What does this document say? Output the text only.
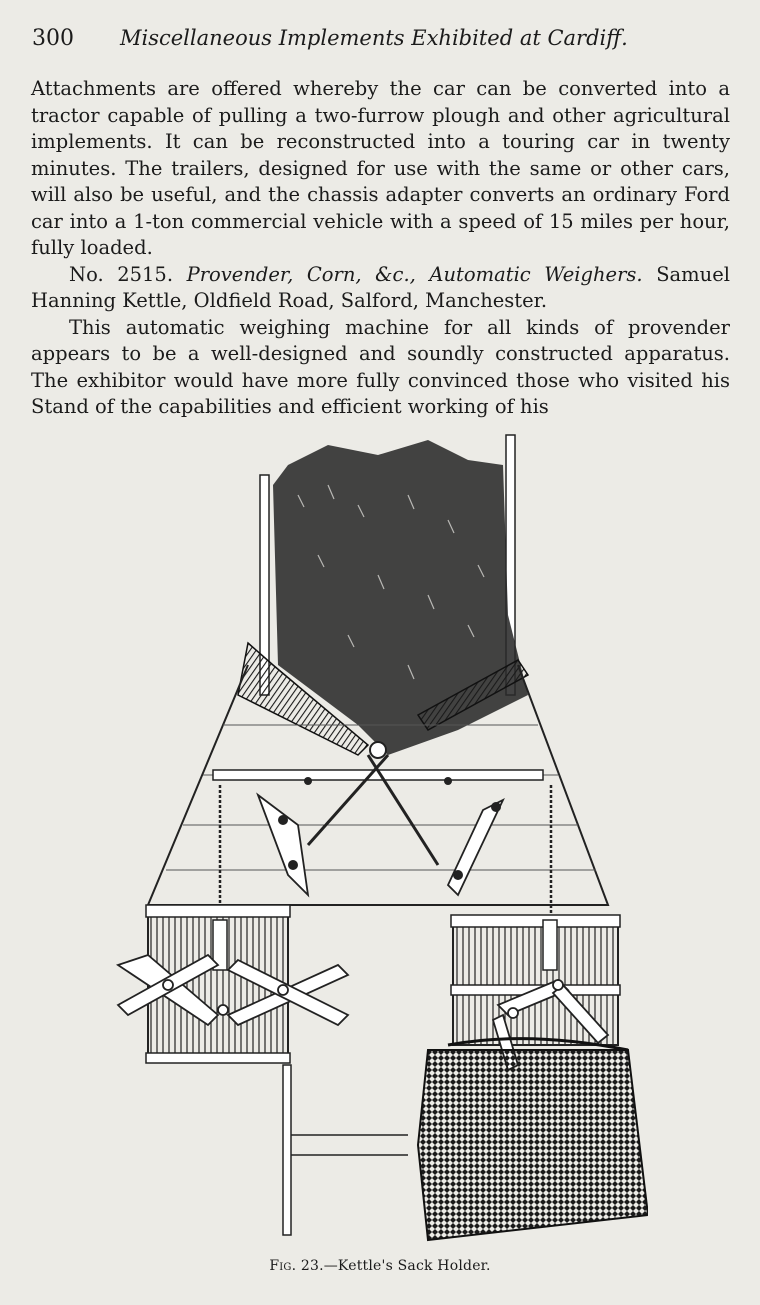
300 Miscellaneous Implements Exhibited at Cardiff.

Attachments are offered whereby the car can be converted into a tractor capable of pulling a two-furrow plough and other agricultural implements. It can be reconstructed into a touring car in twenty minutes. The trailers, designed for use with the same or other cars, will also be useful, and the chassis adapter converts an ordinary Ford car into a 1-ton commercial vehicle with a speed of 15 miles per hour, fully loaded.

No. 2515. Provender, Corn, &c., Automatic Weighers. Samuel Hanning Kettle, Oldfield Road, Salford, Manchester.

This automatic weighing machine for all kinds of provender appears to be a well-designed and soundly constructed apparatus. The exhibitor would have more fully convinced those who visited his Stand of the capabilities and efficient working of his

Fig. 23.—Kettle's Sack Holder.
